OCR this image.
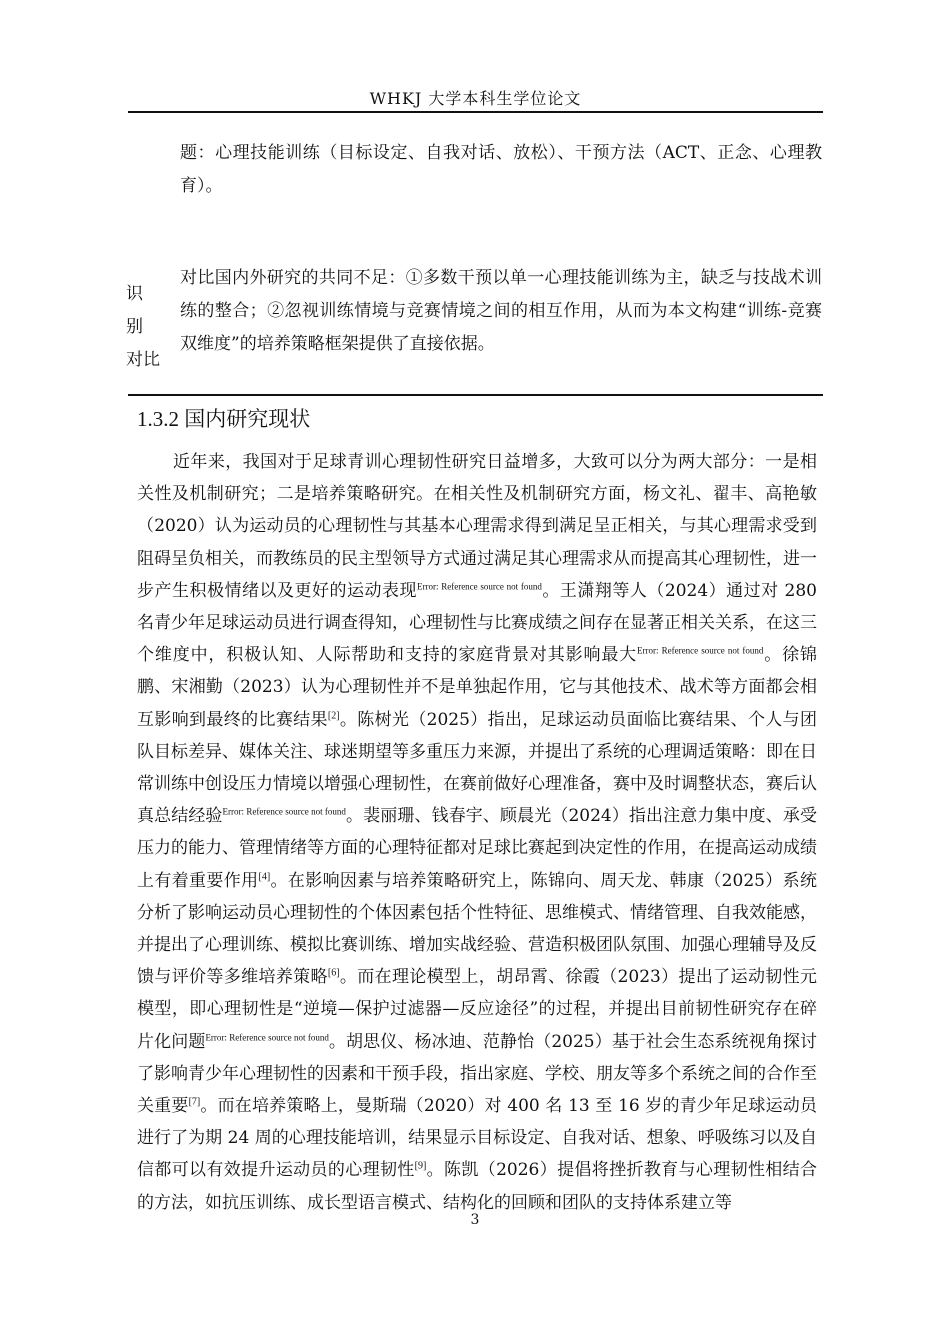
WHKJ 大学本科生学位论文
题：心理技能训练（目标设定、自我对话、放松）、干预方法（ACT、正念、心理教育）。
识别
对比
对比国内外研究的共同不足：①多数干预以单一心理技能训练为主，缺乏与技战术训练的整合；②忽视训练情境与竞赛情境之间的相互作用，从而为本文构建“训练-竞赛双维度”的培养策略框架提供了直接依据。
1.3.2 国内研究现状
近年来，我国对于足球青训心理韧性研究日益增多，大致可以分为两大部分：一是相关性及机制研究；二是培养策略研究。在相关性及机制研究方面，杨文礼、翟丰、高艳敏（2020）认为运动员的心理韧性与其基本心理需求得到满足呈正相关，与其心理需求受到阻碍呈负相关，而教练员的民主型领导方式通过满足其心理需求从而提高其心理韧性，进一步产生积极情绪以及更好的运动表现$^{Error: Reference source not found}$。王潇翔等人（2024）通过对 280 名青少年足球运动员进行调查得知，心理韧性与比赛成绩之间存在显著正相关关系，在这三个维度中，积极认知、人际帮助和支持的家庭背景对其影响最大$^{Error: Reference source not found}$。徐锦鹏、宋湘勤（2023）认为心理韧性并不是单独起作用，它与其他技术、战术等方面都会相互影响到最终的比赛结果[2]。陈树光（2025）指出，足球运动员面临比赛结果、个人与团队目标差异、媒体关注、球迷期望等多重压力来源，并提出了系统的心理调适策略：即在日常训练中创设压力情境以增强心理韧性，在赛前做好心理准备，赛中及时调整状态，赛后认真总结经验$^{Error: Reference source not found}$。裴丽珊、钱春宇、顾晨光（2024）指出注意力集中度、承受压力的能力、管理情绪等方面的心理特征都对足球比赛起到决定性的作用，在提高运动成绩上有着重要作用[4]。在影响因素与培养策略研究上，陈锦向、周天龙、韩康（2025）系统分析了影响运动员心理韧性的个体因素包括个性特征、思维模式、情绪管理、自我效能感，并提出了心理训练、模拟比赛训练、增加实战经验、营造积极团队氛围、加强心理辅导及反馈与评价等多维培养策略[6]。而在理论模型上，胡昂霄、徐霞（2023）提出了运动韧性元模型，即心理韧性是“逆境—保护过滤器—反应途径”的过程，并提出目前韧性研究存在碎片化问题$^{Error: Reference source not found}$。胡思仪、杨冰迪、范静怡（2025）基于社会生态系统视角探讨了影响青少年心理韧性的因素和干预手段，指出家庭、学校、朋友等多个系统之间的合作至关重要[7]。而在培养策略上，曼斯瑞（2020）对 400 名 13 至 16 岁的青少年足球运动员进行了为期 24 周的心理技能培训，结果显示目标设定、自我对话、想象、呼吸练习以及自信都可以有效提升运动员的心理韧性[9]。陈凯（2026）提倡将挫折教育与心理韧性相结合的方法，如抗压训练、成长型语言模式、结构化的回顾和团队的支持体系建立等
3
